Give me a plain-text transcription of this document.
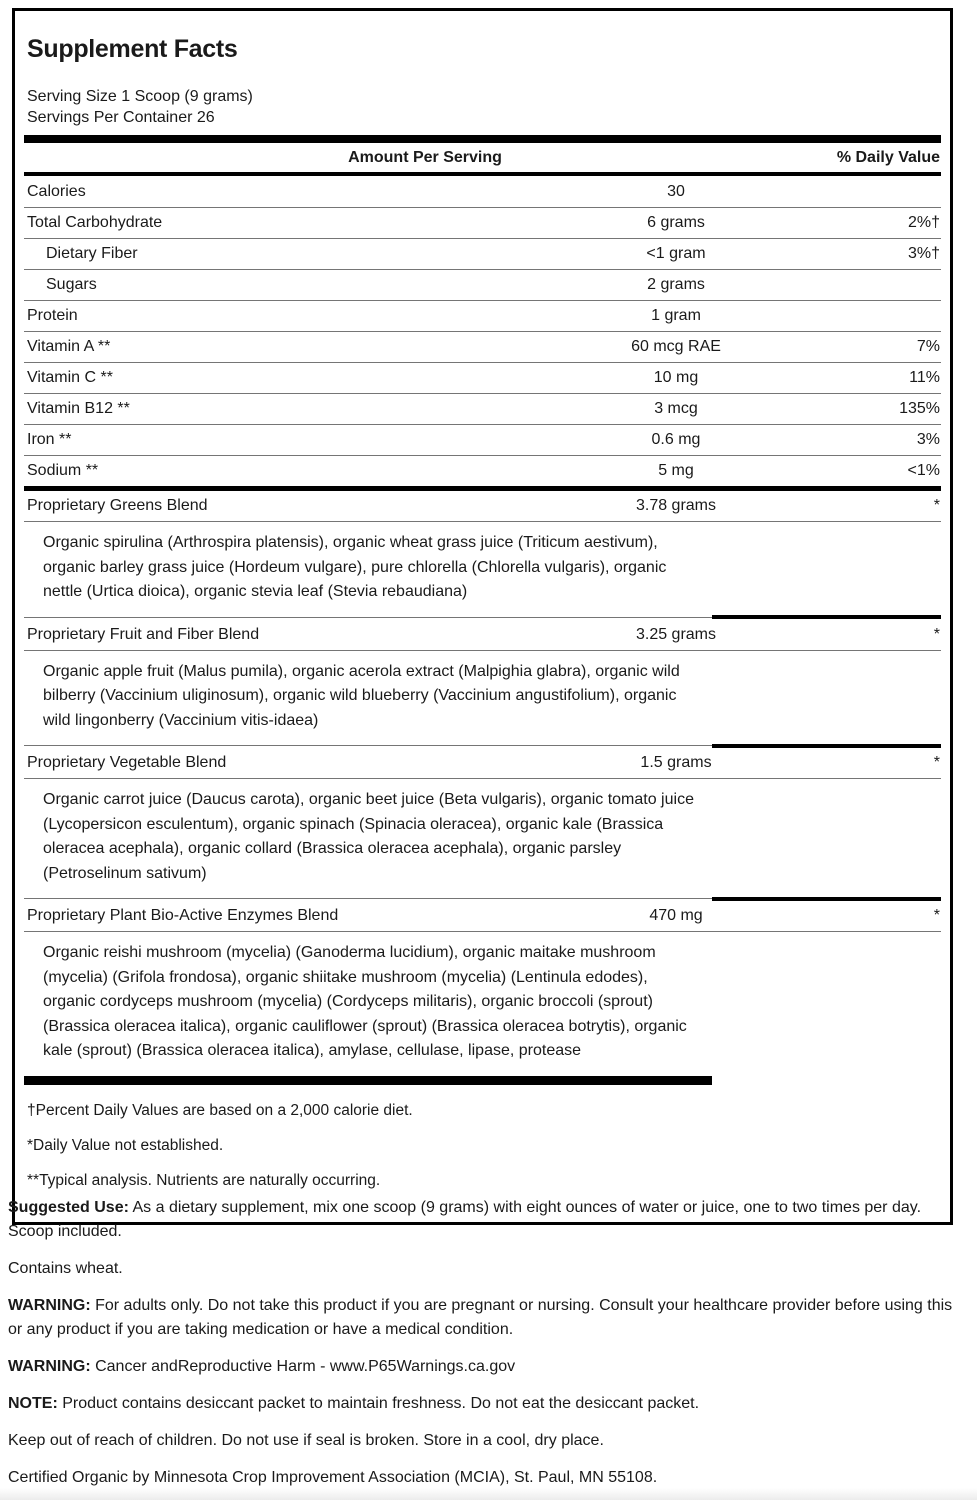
Supplement Facts
Serving Size 1 Scoop (9 grams)
Servings Per Container 26
Amount Per Serving	% Daily Value
Calories	30
Total Carbohydrate	6 grams	2%†
Dietary Fiber	<1 gram	3%†
Sugars	2 grams
Protein	1 gram
Vitamin A **	60 mcg RAE	7%
Vitamin C **	10 mg	11%
Vitamin B12 **	3 mcg	135%
Iron **	0.6 mg	3%
Sodium **	5 mg	<1%
Proprietary Greens Blend	3.78 grams	*
Organic spirulina (Arthrospira platensis), organic wheat grass juice (Triticum aestivum), organic barley grass juice (Hordeum vulgare), pure chlorella (Chlorella vulgaris), organic nettle (Urtica dioica), organic stevia leaf (Stevia rebaudiana)
Proprietary Fruit and Fiber Blend	3.25 grams	*
Organic apple fruit (Malus pumila), organic acerola extract (Malpighia glabra), organic wild bilberry (Vaccinium uliginosum), organic wild blueberry (Vaccinium angustifolium), organic wild lingonberry (Vaccinium vitis-idaea)
Proprietary Vegetable Blend	1.5 grams	*
Organic carrot juice (Daucus carota), organic beet juice (Beta vulgaris), organic tomato juice (Lycopersicon esculentum), organic spinach (Spinacia oleracea), organic kale (Brassica oleracea acephala), organic collard (Brassica oleracea acephala), organic parsley (Petroselinum sativum)
Proprietary Plant Bio-Active Enzymes Blend	470 mg	*
Organic reishi mushroom (mycelia) (Ganoderma lucidium), organic maitake mushroom (mycelia) (Grifola frondosa), organic shiitake mushroom (mycelia) (Lentinula edodes), organic cordyceps mushroom (mycelia) (Cordyceps militaris), organic broccoli (sprout) (Brassica oleracea italica), organic cauliflower (sprout) (Brassica oleracea botrytis), organic kale (sprout) (Brassica oleracea italica), amylase, cellulase, lipase, protease
†Percent Daily Values are based on a 2,000 calorie diet.
*Daily Value not established.
**Typical analysis. Nutrients are naturally occurring.

Suggested Use: As a dietary supplement, mix one scoop (9 grams) with eight ounces of water or juice, one to two times per day. Scoop included.

Contains wheat.

WARNING: For adults only. Do not take this product if you are pregnant or nursing. Consult your healthcare provider before using this or any product if you are taking medication or have a medical condition.

WARNING: Cancer andReproductive Harm - www.P65Warnings.ca.gov

NOTE: Product contains desiccant packet to maintain freshness. Do not eat the desiccant packet.

Keep out of reach of children. Do not use if seal is broken. Store in a cool, dry place.

Certified Organic by Minnesota Crop Improvement Association (MCIA), St. Paul, MN 55108.
